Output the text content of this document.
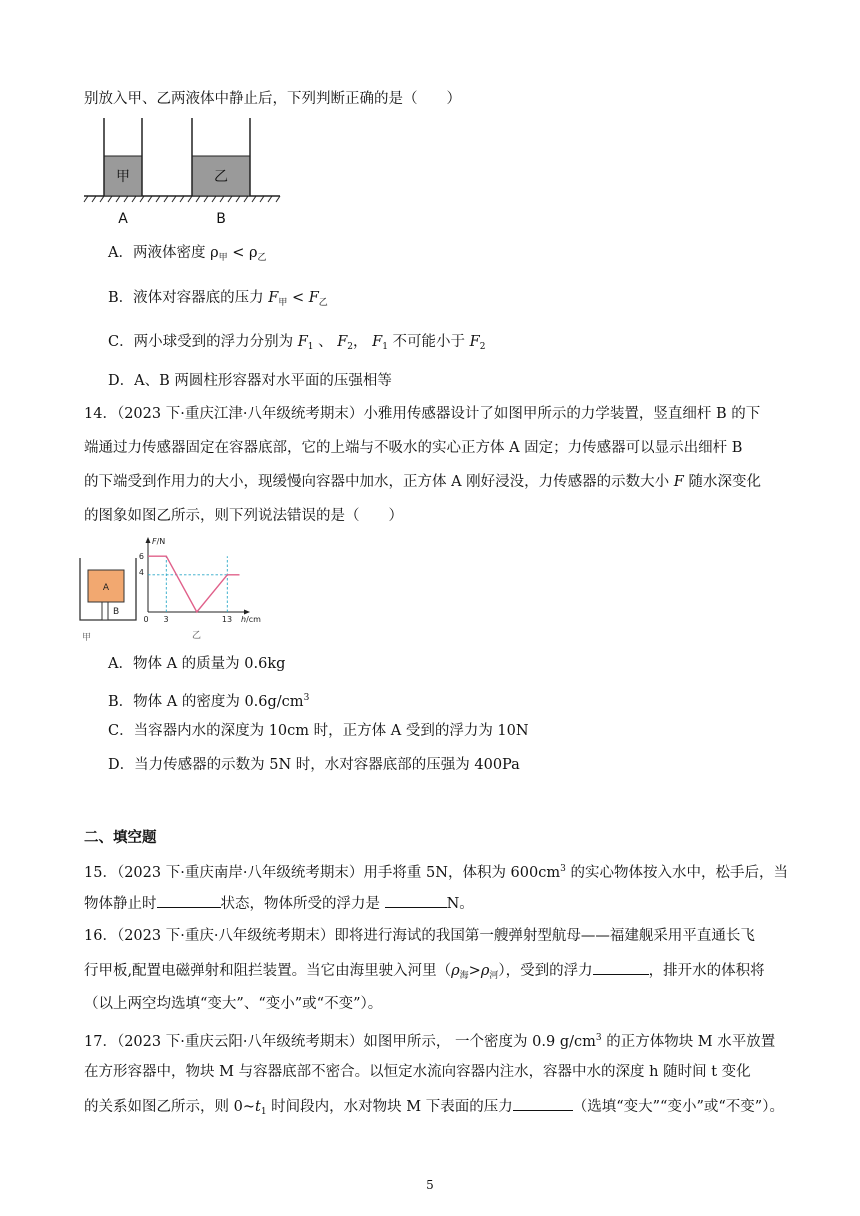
别放入甲、乙两液体中静止后，下列判断正确的是（　　）
甲	乙
A	B
A．两液体密度 $\rho_甲 < \rho_乙$
B．液体对容器底的压力 $F_甲 < F_乙$
C．两小球受到的浮力分别为 $F_1$ 、 $F_2$， $F_1$ 不可能小于 $F_2$
D．A、B 两圆柱形容器对水平面的压强相等
14．（2023 下·重庆江津·八年级统考期末）小雅用传感器设计了如图甲所示的力学装置，竖直细杆 B 的下
端通过力传感器固定在容器底部，它的上端与不吸水的实心正方体 A 固定；力传感器可以显示出细杆 B
的下端受到作用力的大小，现缓慢向容器中加水，正方体 A 刚好浸没，力传感器的示数大小 F 随水深变化
的图象如图乙所示，则下列说法错误的是（　　）
A
B
甲
F/N
h/cm
0
6
4
3	13
乙
A．物体 A 的质量为 0.6kg
B．物体 A 的密度为 $0.6g/cm^3$
C．当容器内水的深度为 10cm 时，正方体 A 受到的浮力为 10N
D．当力传感器的示数为 5N 时，水对容器底部的压强为 400Pa
二、填空题
15．（2023 下·重庆南岸·八年级统考期末）用手将重 5N，体积为 $600cm^3$ 的实心物体按入水中，松手后，当
物体静止时	状态，物体所受的浮力是	N。
16．（2023 下·重庆·八年级统考期末）即将进行海试的我国第一艘弹射型航母——福建舰采用平直通长飞
行甲板,配置电磁弹射和阻拦装置。当它由海里驶入河里$(\rho_海>\rho_河)$，受到的浮力	，排开水的体积将
（以上两空均选填“变大”、“变小”或“不变”）。
17．（2023 下·重庆云阳·八年级统考期末）如图甲所示， 一个密度为 0.9 $g/cm^3$ 的正方体物块 M 水平放置
在方形容器中，物块 M 与容器底部不密合。以恒定水流向容器内注水，容器中水的深度 h 随时间 t 变化
的关系如图乙所示，则 $0\sim t_1$ 时间段内，水对物块 M 下表面的压力	（选填“变大”“变小”或“不变”）。
5
